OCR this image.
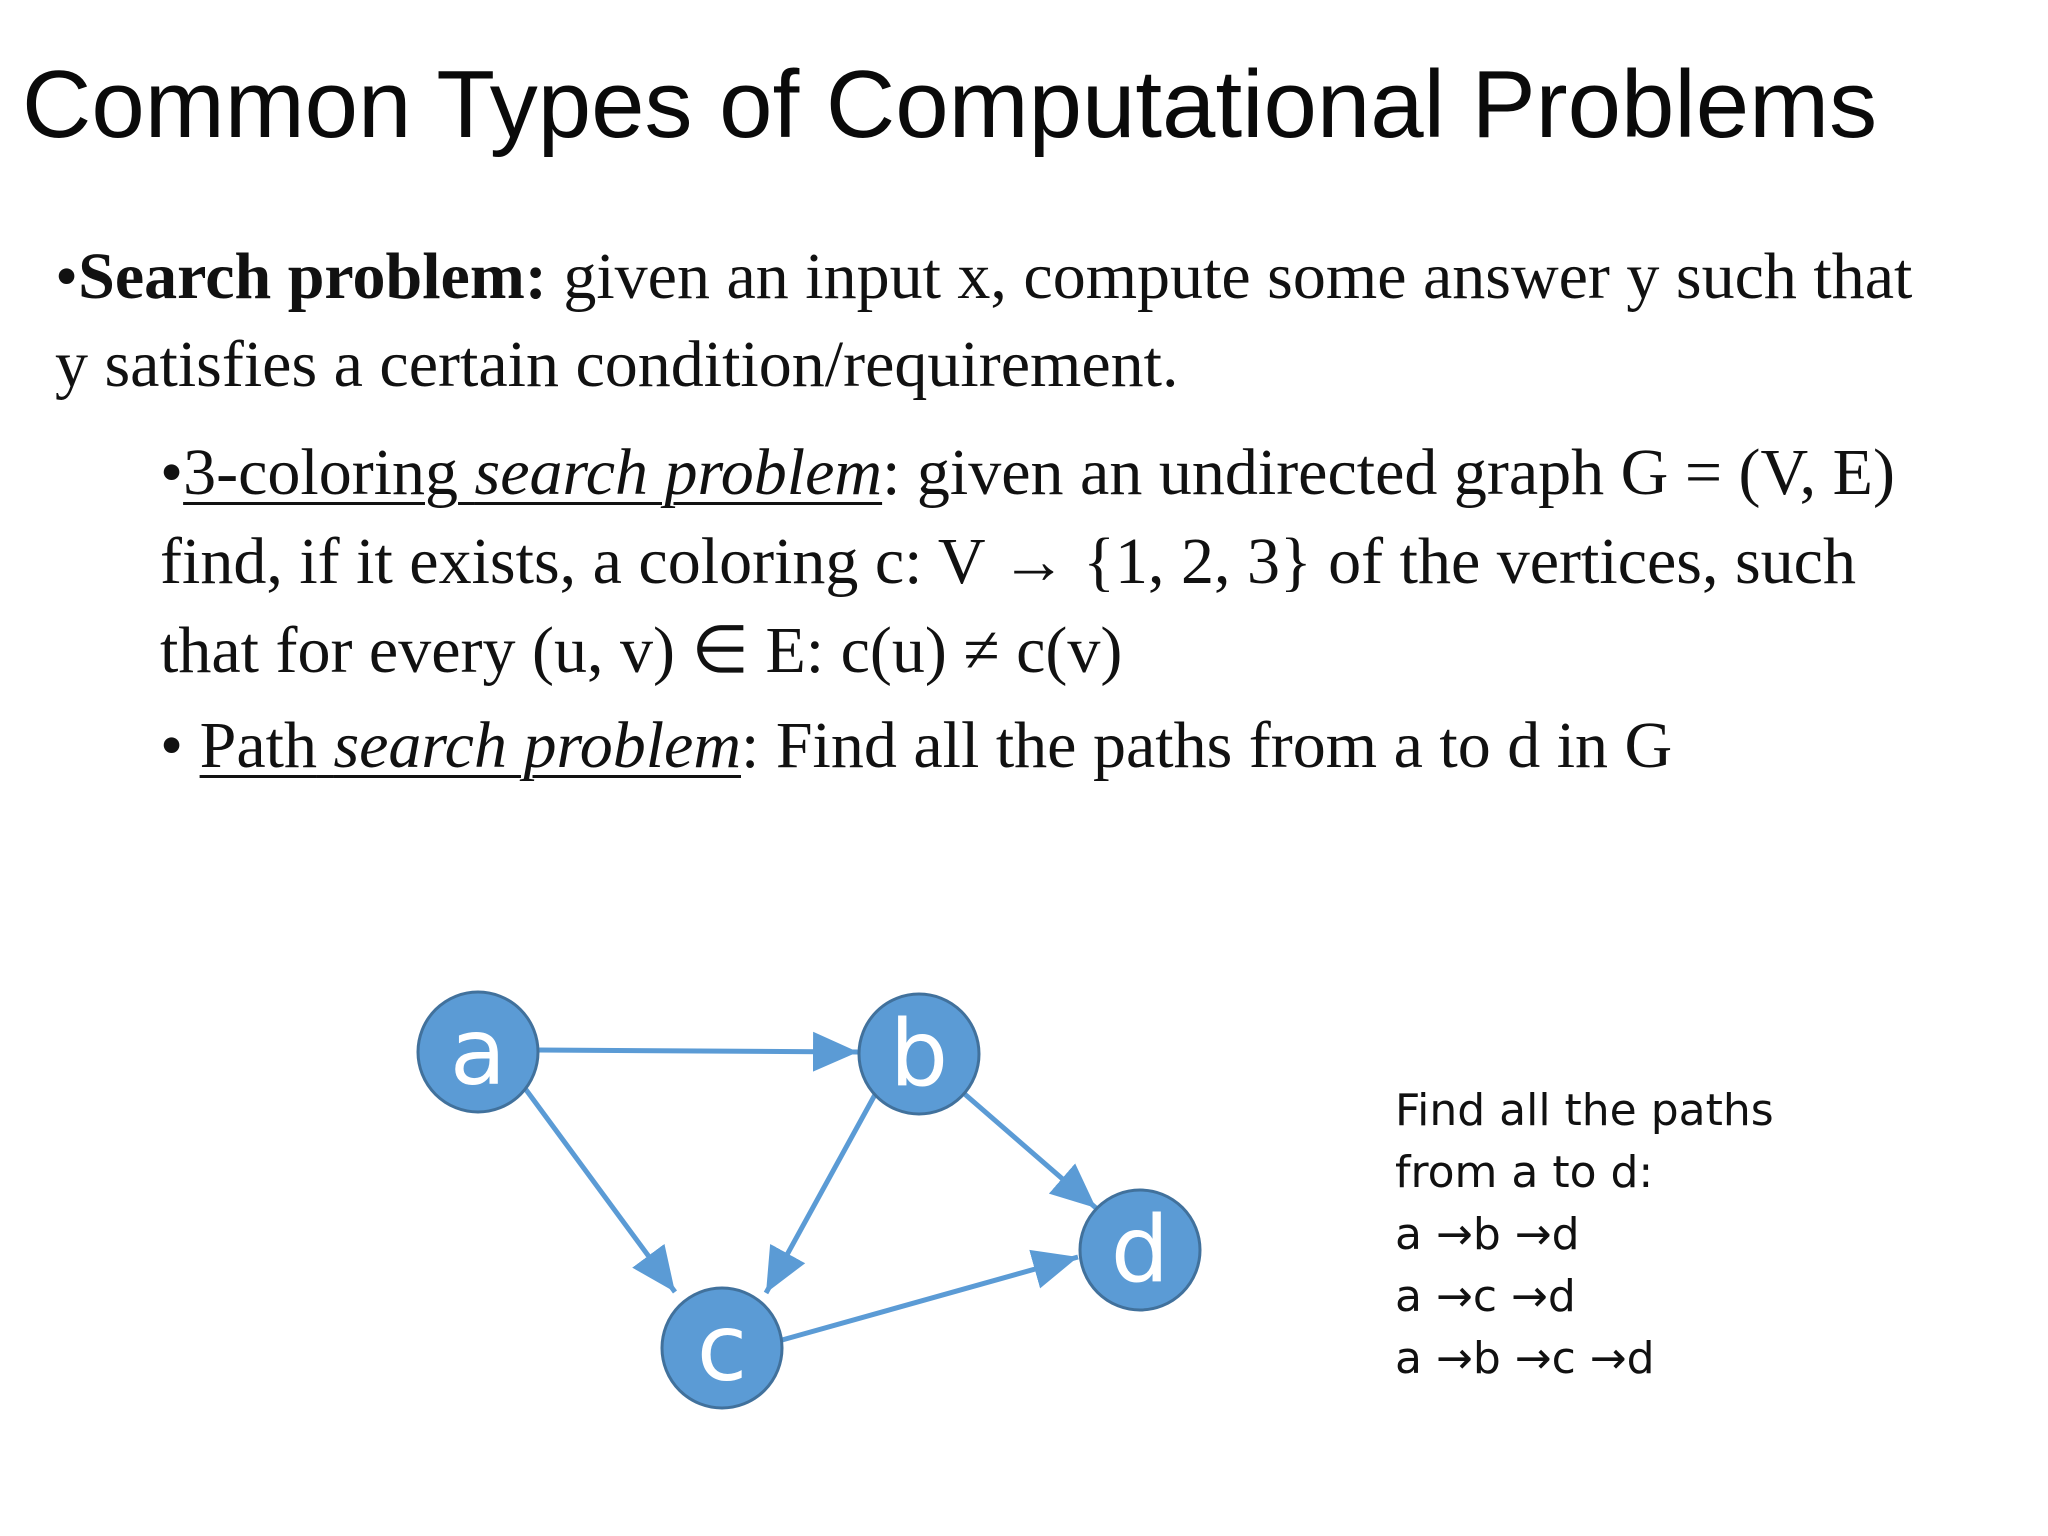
Common Types of Computational Problems
•Search problem: given an input x, compute some answer y such that y satisfies a certain condition/requirement.
•3-coloring search problem: given an undirected graph G = (V, E) find, if it exists, a coloring c: V → {1, 2, 3} of the vertices, such that for every (u, v) ∈ E: c(u) ≠ c(v)
• Path search problem: Find all the paths from a to d in G
a	b
c
d
Find all the paths
from a to d:
a →b →d
a →c →d
a →b →c →d
